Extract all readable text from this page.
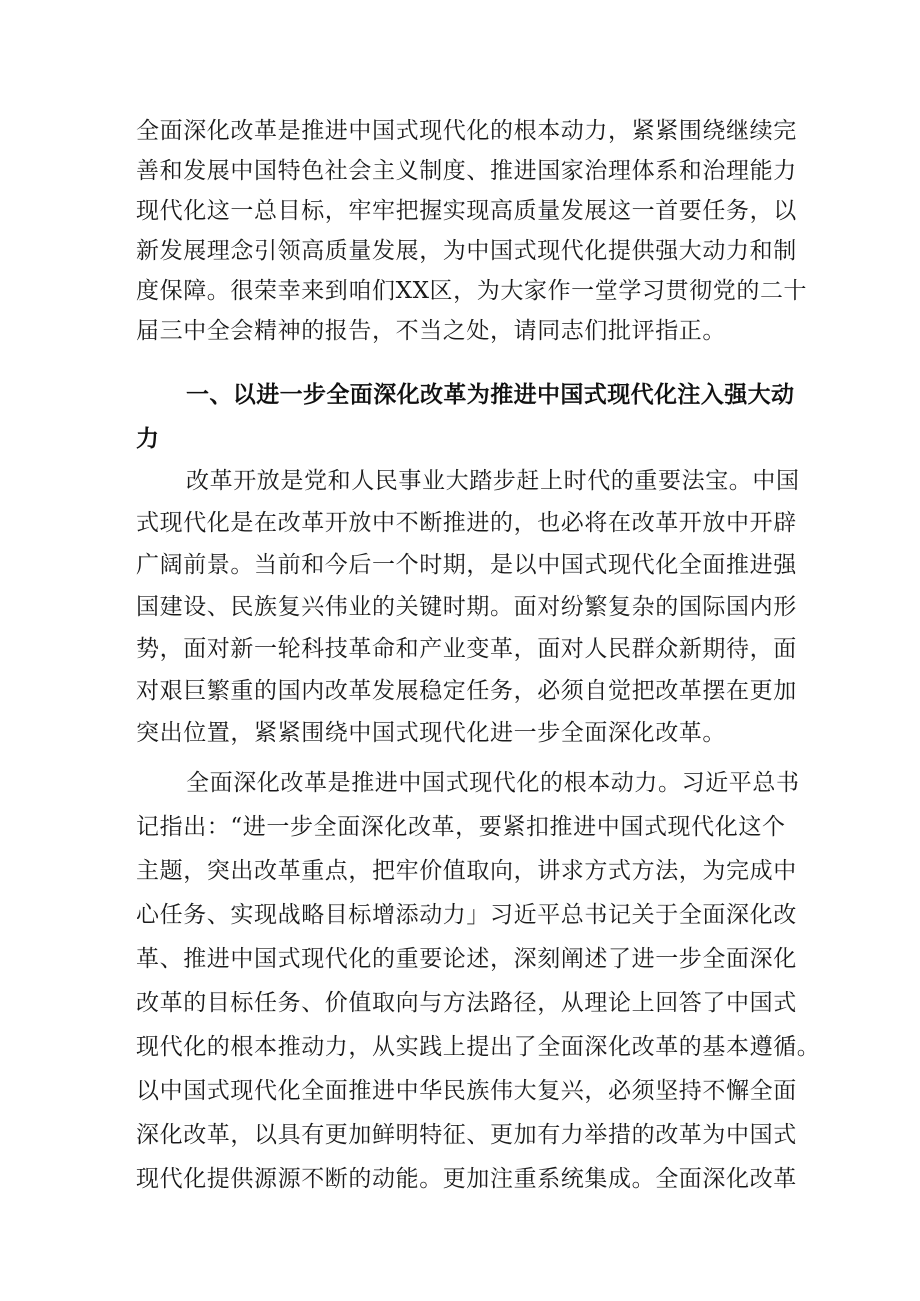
全面深化改革是推进中国式现代化的根本动力，紧紧围绕继续完

善和发展中国特色社会主义制度、推进国家治理体系和治理能力

现代化这一总目标，牢牢把握实现高质量发展这一首要任务，以

新发展理念引领高质量发展，为中国式现代化提供强大动力和制

度保障。很荣幸来到咱们XX区，为大家作一堂学习贯彻党的二十

届三中全会精神的报告，不当之处，请同志们批评指正。

一、以进一步全面深化改革为推进中国式现代化注入强大动

力

改革开放是党和人民事业大踏步赶上时代的重要法宝。中国

式现代化是在改革开放中不断推进的，也必将在改革开放中开辟

广阔前景。当前和今后一个时期，是以中国式现代化全面推进强

国建设、民族复兴伟业的关键时期。面对纷繁复杂的国际国内形

势，面对新一轮科技革命和产业变革，面对人民群众新期待，面

对艰巨繁重的国内改革发展稳定任务，必须自觉把改革摆在更加

突出位置，紧紧围绕中国式现代化进一步全面深化改革。

全面深化改革是推进中国式现代化的根本动力。习近平总书

记指出：“进一步全面深化改革，要紧扣推进中国式现代化这个

主题，突出改革重点，把牢价值取向，讲求方式方法，为完成中

心任务、实现战略目标增添动力」习近平总书记关于全面深化改

革、推进中国式现代化的重要论述，深刻阐述了进一步全面深化

改革的目标任务、价值取向与方法路径，从理论上回答了中国式

现代化的根本推动力，从实践上提出了全面深化改革的基本遵循。

以中国式现代化全面推进中华民族伟大复兴，必须坚持不懈全面

深化改革，以具有更加鲜明特征、更加有力举措的改革为中国式

现代化提供源源不断的动能。更加注重系统集成。全面深化改革
